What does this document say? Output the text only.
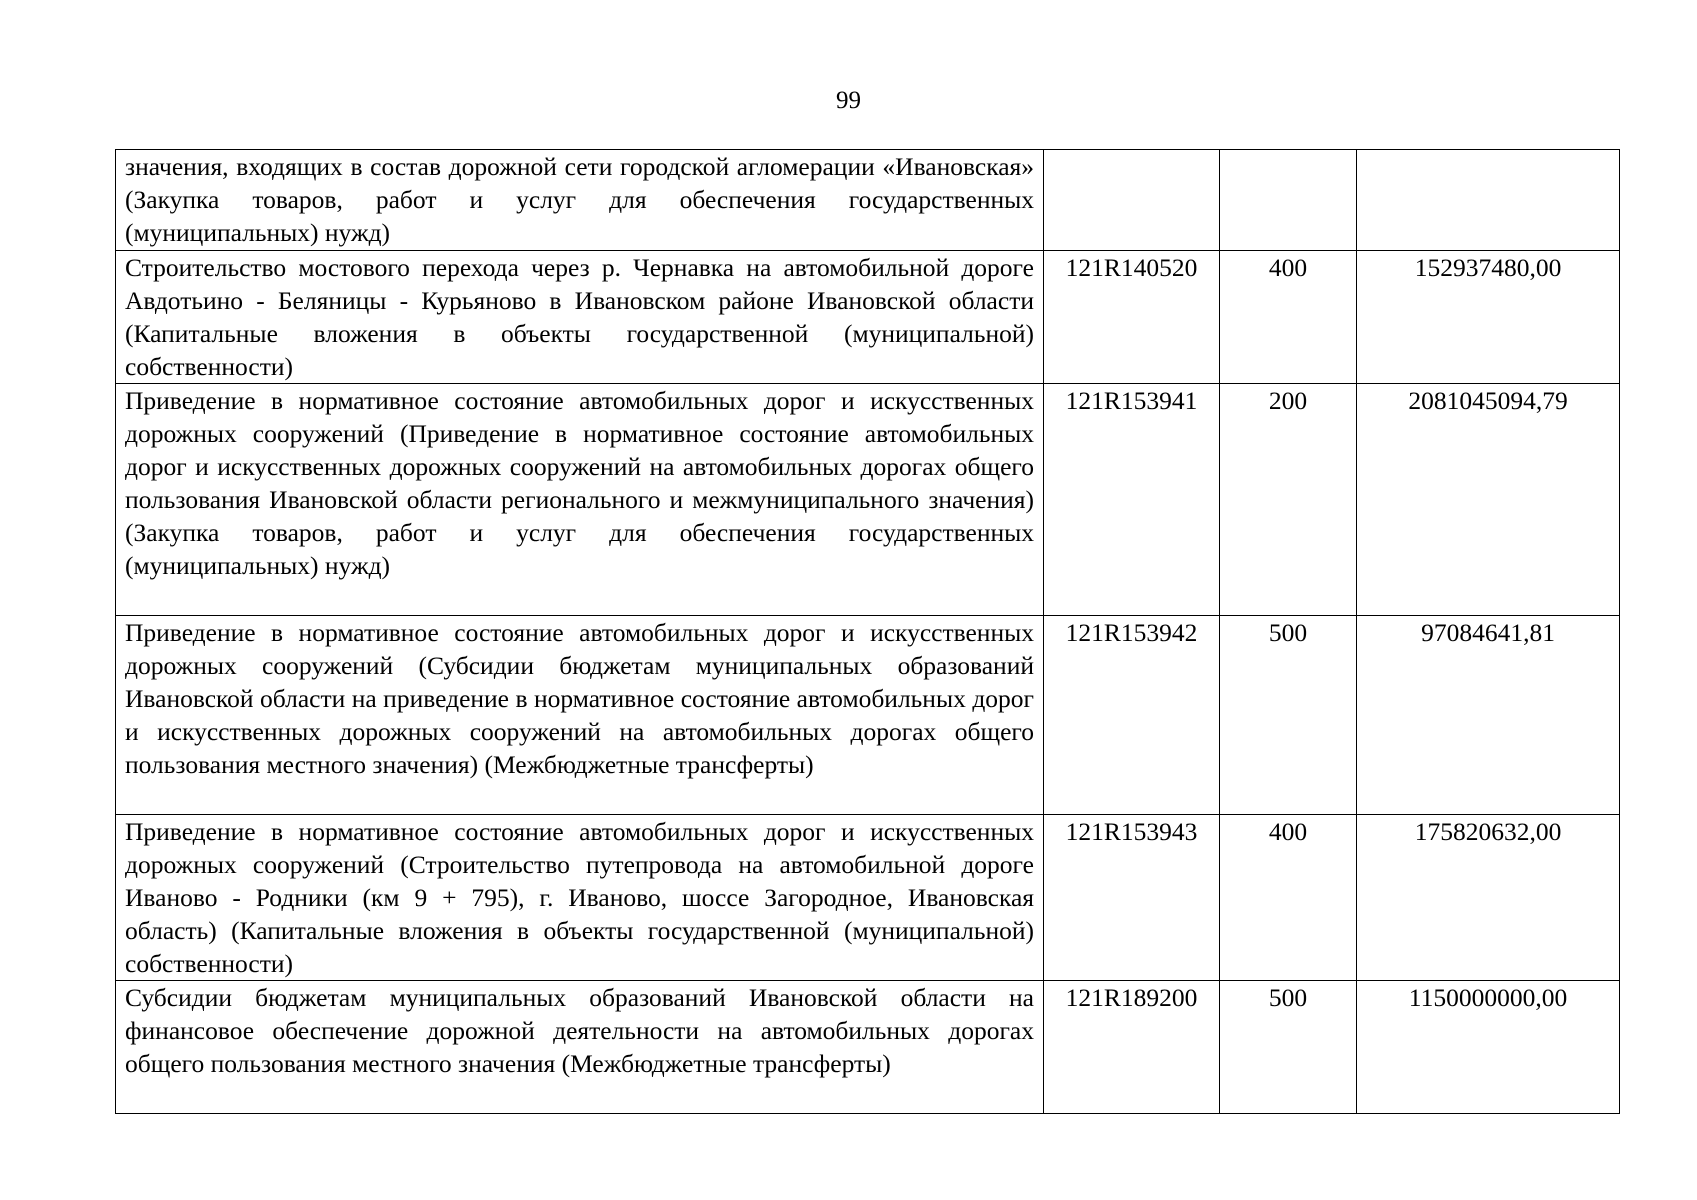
99
значения, входящих в состав дорожной сети городской агломерации «Ивановская» (Закупка товаров, работ и услуг для обеспечения государственных (муниципальных) нужд)			
Строительство мостового перехода через р. Чернавка на автомобильной дороге Авдотьино - Беляницы - Курьяново в Ивановском районе Ивановской области (Капитальные вложения в объекты государственной (муниципальной) собственности)	121R140520	400	152937480,00
Приведение в нормативное состояние автомобильных дорог и искусственных дорожных сооружений (Приведение в нормативное состояние автомобильных дорог и искусственных дорожных сооружений на автомобильных дорогах общего пользования Ивановской области регионального и межмуниципального значения) (Закупка товаров, работ и услуг для обеспечения государственных (муниципальных) нужд)	121R153941	200	2081045094,79
Приведение в нормативное состояние автомобильных дорог и искусственных дорожных сооружений (Субсидии бюджетам муниципальных образований Ивановской области на приведение в нормативное состояние автомобильных дорог и искусственных дорожных сооружений на автомобильных дорогах общего пользования местного значения) (Межбюджетные трансферты)	121R153942	500	97084641,81
Приведение в нормативное состояние автомобильных дорог и искусственных дорожных сооружений (Строительство путепровода на автомобильной дороге Иваново - Родники (км 9 + 795), г. Иваново, шоссе Загородное, Ивановская область) (Капитальные вложения в объекты государственной (муниципальной) собственности)	121R153943	400	175820632,00
Субсидии бюджетам муниципальных образований Ивановской области на финансовое обеспечение дорожной деятельности на автомобильных дорогах общего пользования местного значения (Межбюджетные трансферты)	121R189200	500	1150000000,00
